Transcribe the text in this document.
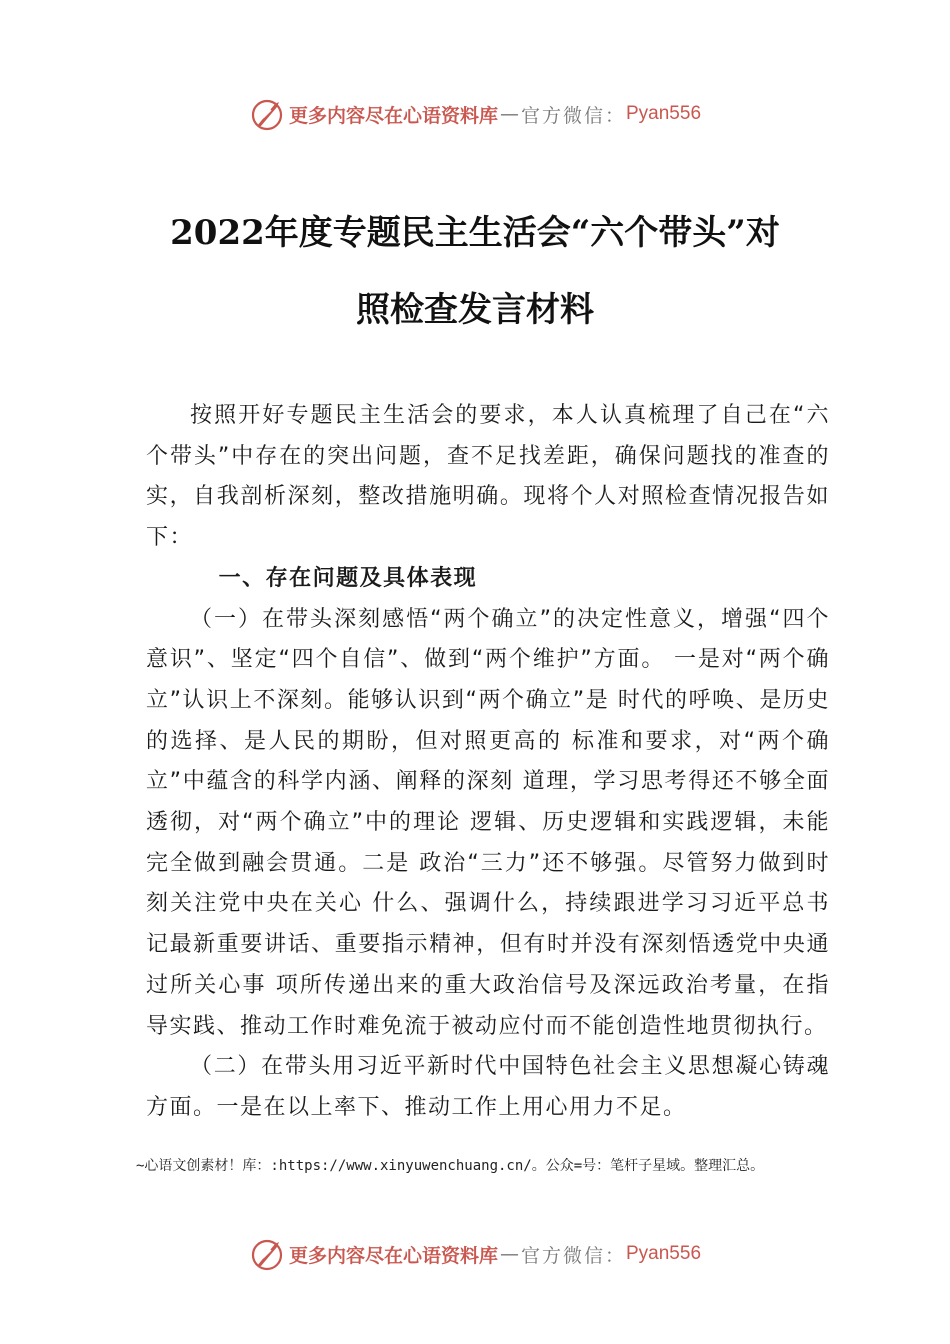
更多内容尽在心语资料库 — 官方微信： Pyan556
2022年度专题民主生活会“六个带头”对
照检查发言材料

按照开好专题民主生活会的要求，本人认真梳理了自己在“六个带头”中存在的突出问题，查不足找差距，确保问题找的准查的实，自我剖析深刻，整改措施明确。现将个人对照检查情况报告如下：

一、存在问题及具体表现

（一）在带头深刻感悟“两个确立”的决定性意义，增强“四个意识”、坚定“四个自信”、做到“两个维护”方面。 一是对“两个确立”认识上不深刻。能够认识到“两个确立”是 时代的呼唤、是历史的选择、是人民的期盼，但对照更高的 标准和要求，对“两个确立”中蕴含的科学内涵、阐释的深刻 道理，学习思考得还不够全面透彻，对“两个确立”中的理论 逻辑、历史逻辑和实践逻辑，未能完全做到融会贯通。二是 政治“三力”还不够强。尽管努力做到时刻关注党中央在关心 什么、强调什么，持续跟进学习习近平总书记最新重要讲话、重要指示精神，但有时并没有深刻悟透党中央通过所关心事 项所传递出来的重大政治信号及深远政治考量，在指导实践、推动工作时难免流于被动应付而不能创造性地贯彻执行。

（二）在带头用习近平新时代中国特色社会主义思想凝心铸魂方面。一是在以上率下、推动工作上用心用力不足。

~心语文创素材！库：:https://www.xinyuwenchuang.cn/。公众=号：笔杆子星域。整理汇总。
更多内容尽在心语资料库 — 官方微信： Pyan556
